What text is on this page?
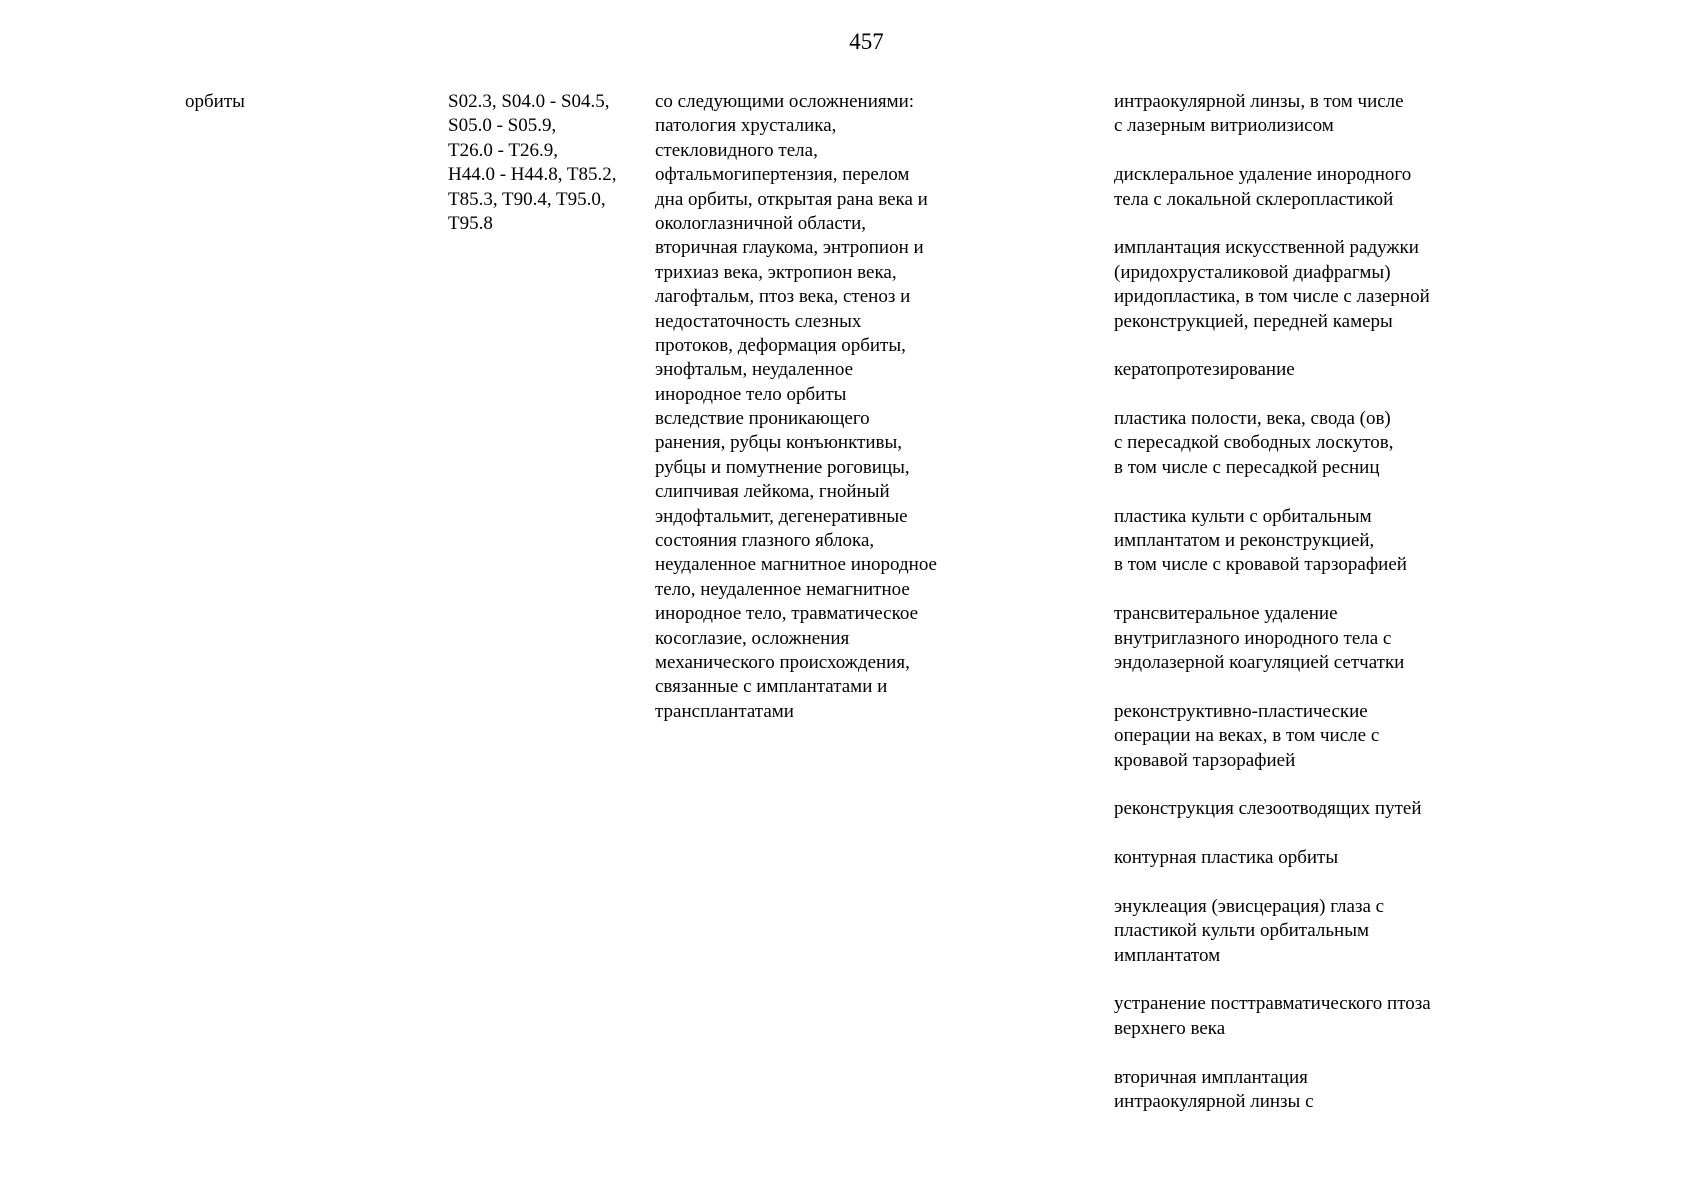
457
орбиты	S02.3, S04.0 - S04.5,
S05.0 - S05.9,
T26.0 - T26.9,
H44.0 - H44.8, T85.2,
T85.3, T90.4, T95.0,
T95.8
со следующими осложнениями:
патология хрусталика,
стекловидного тела,
офтальмогипертензия, перелом
дна орбиты, открытая рана века и
окологлазничной области,
вторичная глаукома, энтропион и
трихиаз века, эктропион века,
лагофтальм, птоз века, стеноз и
недостаточность слезных
протоков, деформация орбиты,
энофтальм, неудаленное
инородное тело орбиты
вследствие проникающего
ранения, рубцы конъюнктивы,
рубцы и помутнение роговицы,
слипчивая лейкома, гнойный
эндофтальмит, дегенеративные
состояния глазного яблока,
неудаленное магнитное инородное
тело, неудаленное немагнитное
инородное тело, травматическое
косоглазие, осложнения
механического происхождения,
связанные с имплантатами и
трансплантатами
интраокулярной линзы, в том числе
с лазерным витриолизисом
дисклеральное удаление инородного
тела с локальной склеропластикой
имплантация искусственной радужки
(иридохрусталиковой диафрагмы)
иридопластика, в том числе с лазерной
реконструкцией, передней камеры
кератопротезирование
пластика полости, века, свода (ов)
с пересадкой свободных лоскутов,
в том числе с пересадкой ресниц
пластика культи с орбитальным
имплантатом и реконструкцией,
в том числе с кровавой тарзорафией
трансвитеральное удаление
внутриглазного инородного тела с
эндолазерной коагуляцией сетчатки
реконструктивно-пластические
операции на веках, в том числе с
кровавой тарзорафией
реконструкция слезоотводящих путей
контурная пластика орбиты
энуклеация (эвисцерация) глаза с
пластикой культи орбитальным
имплантатом
устранение посттравматического птоза
верхнего века
вторичная имплантация
интраокулярной линзы с
